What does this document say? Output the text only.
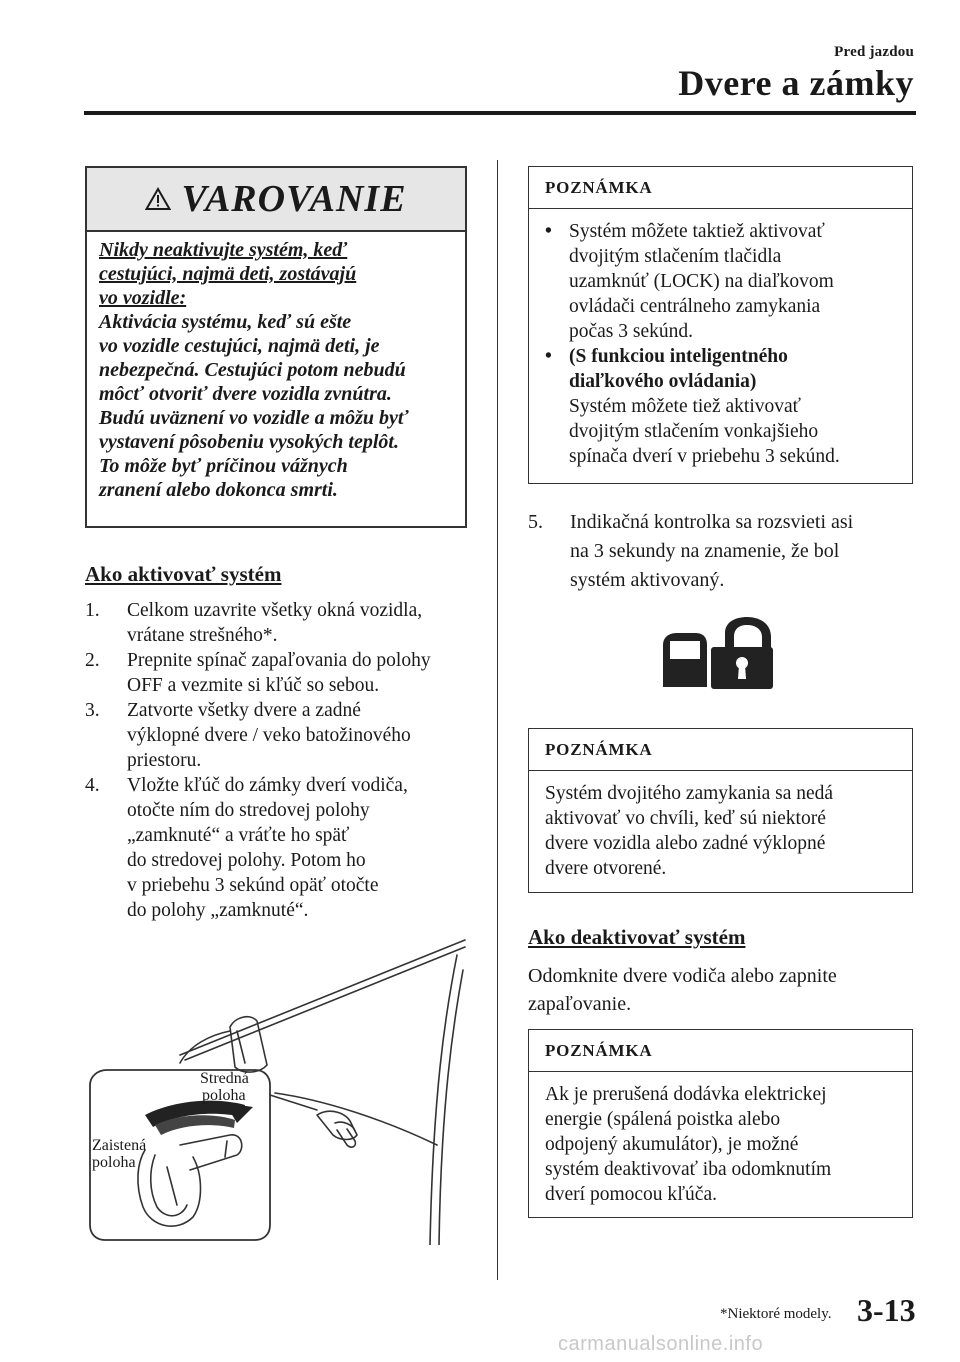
Pred jazdou
Dvere a zámky
VAROVANIE
Nikdy neaktivujte systém, keď
cestujúci, najmä deti, zostávajú
vo vozidle:
Aktivácia systému, keď sú ešte
vo vozidle cestujúci, najmä deti, je
nebezpečná. Cestujúci potom nebudú
môcť otvoriť dvere vozidla zvnútra.
Budú uväznení vo vozidle a môžu byť
vystavení pôsobeniu vysokých teplôt.
To môže byť príčinou vážnych
zranení alebo dokonca smrti.
Ako aktivovať systém
1.	Celkom uzavrite všetky okná vozidla,
vrátane strešného*.
2.	Prepnite spínač zapaľovania do polohy
OFF a vezmite si kľúč so sebou.
3.	Zatvorte všetky dvere a zadné
výklopné dvere / veko batožinového
priestoru.
4.	Vložte kľúč do zámky dverí vodiča,
otočte ním do stredovej polohy
„zamknuté“ a vráťte ho späť
do stredovej polohy. Potom ho
v priebehu 3 sekúnd opäť otočte
do polohy „zamknuté“.
Stredná
poloha
Zaistená
poloha
POZNÁMKA
• Systém môžete taktiež aktivovať
dvojitým stlačením tlačidla
uzamknúť (LOCK) na diaľkovom
ovládači centrálneho zamykania
počas 3 sekúnd.
• (S funkciou inteligentného
diaľkového ovládania)
Systém môžete tiež aktivovať
dvojitým stlačením vonkajšieho
spínača dverí v priebehu 3 sekúnd.
5.	Indikačná kontrolka sa rozsvieti asi
na 3 sekundy na znamenie, že bol
systém aktivovaný.
POZNÁMKA
Systém dvojitého zamykania sa nedá
aktivovať vo chvíli, keď sú niektoré
dvere vozidla alebo zadné výklopné
dvere otvorené.
Ako deaktivovať systém
Odomknite dvere vodiča alebo zapnite
zapaľovanie.
POZNÁMKA
Ak je prerušená dodávka elektrickej
energie (spálená poistka alebo
odpojený akumulátor), je možné
systém deaktivovať iba odomknutím
dverí pomocou kľúča.
*Niektoré modely. 3-13
carmanualsonline.info
